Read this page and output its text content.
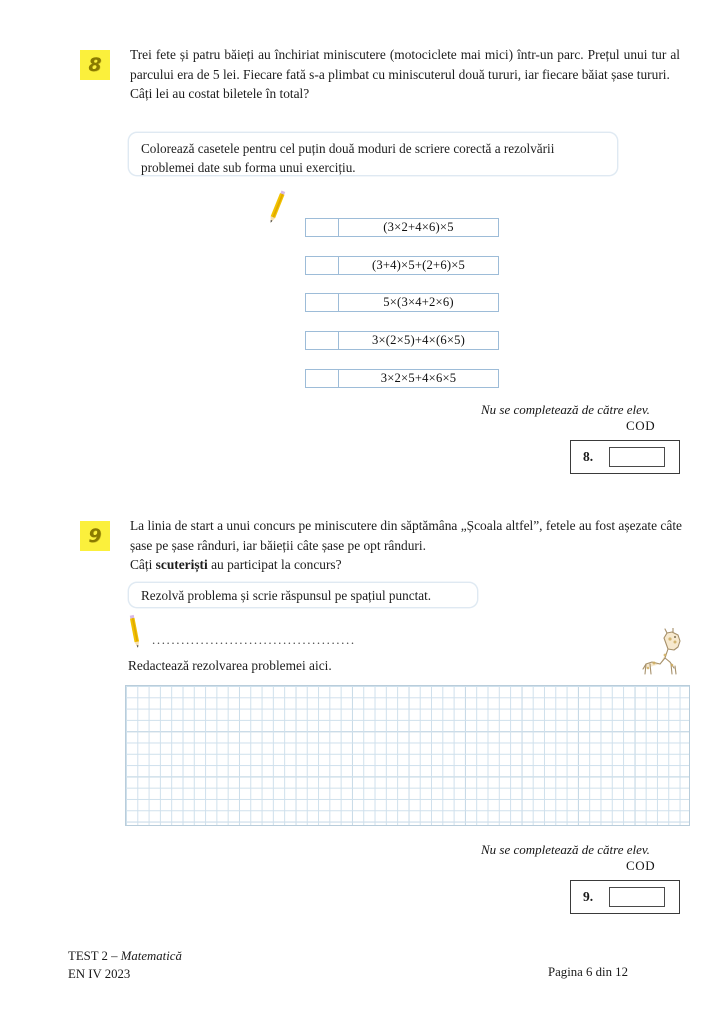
8	Trei fete și patru băieți au închiriat miniscutere (motociclete mai mici) într-un parc. Prețul unui tur al parcului era de 5 lei. Fiecare fată s-a plimbat cu miniscuterul două tururi, iar fiecare băiat șase tururi.
Câți lei au costat biletele în total?
Colorează casetele pentru cel puțin două moduri de scriere corectă a rezolvării problemei date sub forma unui exercițiu.
(3×2+4×6)×5
(3+4)×5+(2+6)×5
5×(3×4+2×6)
3×(2×5)+4×(6×5)
3×2×5+4×6×5
Nu se completează de către elev.
COD
8.
9	La linia de start a unui concurs pe miniscutere din săptămâna „Școala altfel”, fetele au fost așezate câte șase pe șase rânduri, iar băieții câte șase pe opt rânduri.
Câți scuteriști au participat la concurs?
Rezolvă problema și scrie răspunsul pe spațiul punctat.
..........................................
Redactează rezolvarea problemei aici.
Nu se completează de către elev.
COD
9.
TEST 2 – Matematică
EN IV 2023	Pagina 6 din 12
